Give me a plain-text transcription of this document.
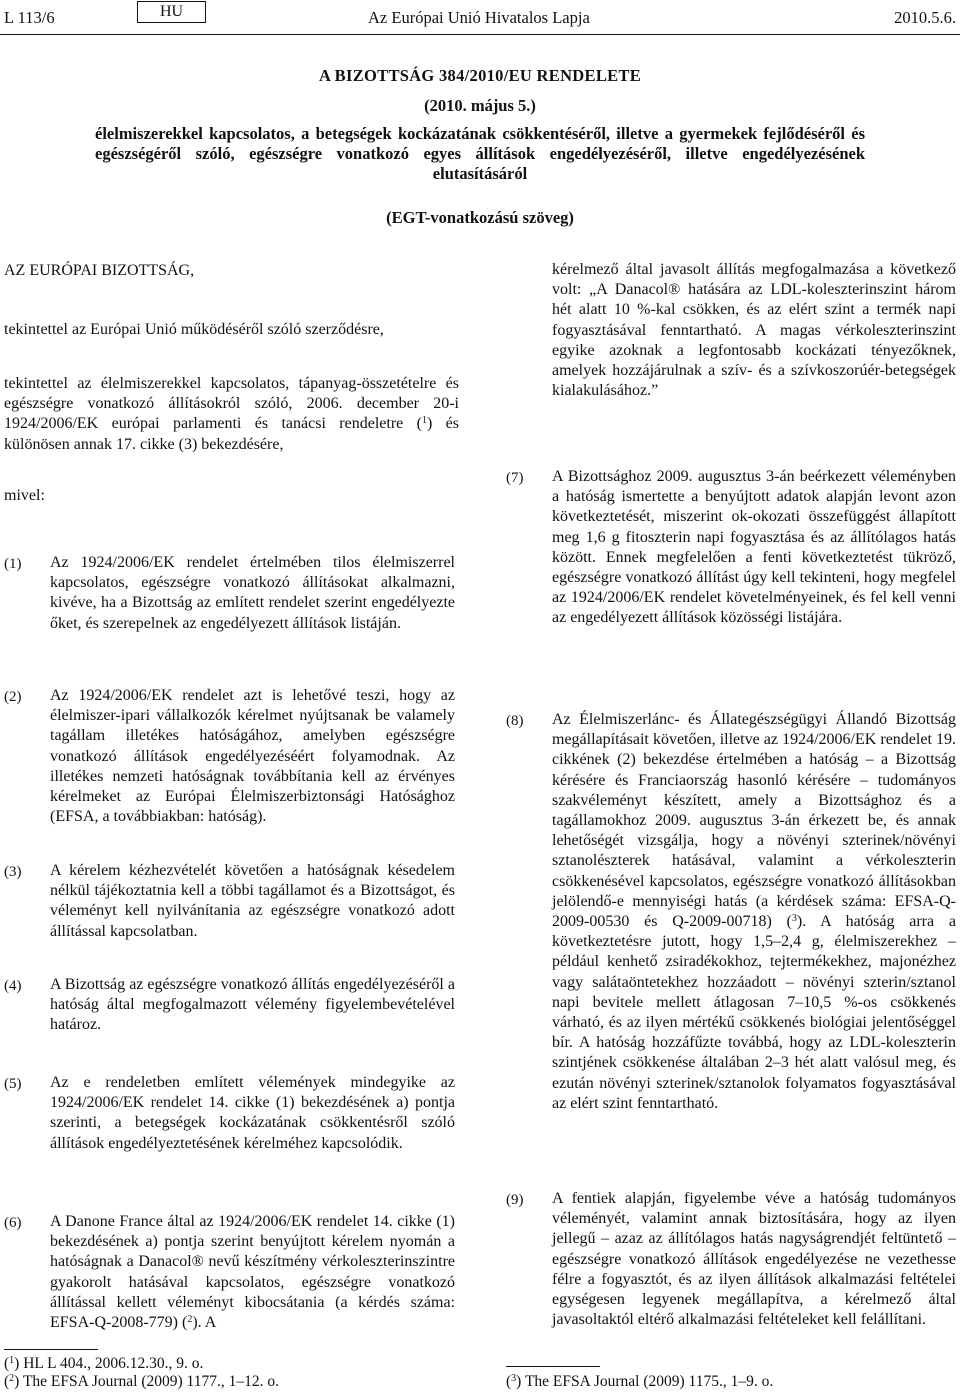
L 113/6	HU	Az Európai Unió Hivatalos Lapja	2010.5.6.
A BIZOTTSÁG 384/2010/EU RENDELETE
(2010. május 5.)
élelmiszerekkel kapcsolatos, a betegségek kockázatának csökkentéséről, illetve a gyermekek fejlődéséről és egészségéről szóló, egészségre vonatkozó egyes állítások engedélyezéséről, illetve engedélyezésének elutasításáról
(EGT-vonatkozású szöveg)
AZ EURÓPAI BIZOTTSÁG,
tekintettel az Európai Unió működéséről szóló szerződésre,
tekintettel az élelmiszerekkel kapcsolatos, tápanyag-összetételre és egészségre vonatkozó állításokról szóló, 2006. december 20-i 1924/2006/EK európai parlamenti és tanácsi rendeletre ($^1$) és különösen annak 17. cikke (3) bekezdésére,
mivel:
(1)	Az 1924/2006/EK rendelet értelmében tilos élelmiszerrel kapcsolatos, egészségre vonatkozó állításokat alkalmazni, kivéve, ha a Bizottság az említett rendelet szerint engedélyezte őket, és szerepelnek az engedélyezett állítások listáján.
kérelmező által javasolt állítás megfogalmazása a következő volt: „A Danacol® hatására az LDL-koleszterinszint három hét alatt 10 %-kal csökken, és az elért szint a termék napi fogyasztásával fenntartható. A magas vérkoleszterinszint egyike azoknak a legfontosabb kockázati tényezőknek, amelyek hozzájárulnak a szív- és a szívkoszorúér-betegségek kialakulásához.”
(7)	A Bizottsághoz 2009. augusztus 3-án beérkezett véleményben a hatóság ismertette a benyújtott adatok alapján levont azon következtetését, miszerint ok-okozati összefüggést állapított meg 1,6 g fitoszterin napi fogyasztása és az állítólagos hatás között. Ennek megfelelően a fenti következtetést tükröző, egészségre vonatkozó állítást úgy kell tekinteni, hogy megfelel az 1924/2006/EK rendelet követelményeinek, és fel kell venni az engedélyezett állítások közösségi listájára.
(2)	Az 1924/2006/EK rendelet azt is lehetővé teszi, hogy az élelmiszer-ipari vállalkozók kérelmet nyújtsanak be valamely tagállam illetékes hatóságához, amelyben egészségre vonatkozó állítások engedélyezéséért folyamodnak. Az illetékes nemzeti hatóságnak továbbítania kell az érvényes kérelmeket az Európai Élelmiszerbiztonsági Hatósághoz (EFSA, a továbbiakban: hatóság).
(3)	A kérelem kézhezvételét követően a hatóságnak késedelem nélkül tájékoztatnia kell a többi tagállamot és a Bizottságot, és véleményt kell nyilvánítania az egészségre vonatkozó adott állítással kapcsolatban.
(4)	A Bizottság az egészségre vonatkozó állítás engedélyezéséről a hatóság által megfogalmazott vélemény figyelembevételével határoz.
(5)	Az e rendeletben említett vélemények mindegyike az 1924/2006/EK rendelet 14. cikke (1) bekezdésének a) pontja szerinti, a betegségek kockázatának csökkentésről szóló állítások engedélyeztetésének kérelméhez kapcsolódik.
(6)	A Danone France által az 1924/2006/EK rendelet 14. cikke (1) bekezdésének a) pontja szerint benyújtott kérelem nyomán a hatóságnak a Danacol® nevű készítmény vérkoleszterinszintre gyakorolt hatásával kapcsolatos, egészségre vonatkozó állítással kellett véleményt kibocsátania (a kérdés száma: EFSA-Q-2008-779) ($^2$). A
(8)	Az Élelmiszerlánc- és Állategészségügyi Állandó Bizottság megállapításait követően, illetve az 1924/2006/EK rendelet 19. cikkének (2) bekezdése értelmében a hatóság – a Bizottság kérésére és Franciaország hasonló kérésére – tudományos szakvéleményt készített, amely a Bizottsághoz és a tagállamokhoz 2009. augusztus 3-án érkezett be, és annak lehetőségét vizsgálja, hogy a növényi szterinek/növényi sztanolészterek hatásával, valamint a vérkoleszterin csökkenésével kapcsolatos, egészségre vonatkozó állításokban jelölendő-e mennyiségi hatás (a kérdések száma: EFSA-Q-2009-00530 és Q-2009-00718) ($^3$). A hatóság arra a következtetésre jutott, hogy 1,5–2,4 g, élelmiszerekhez – például kenhető zsiradékokhoz, tejtermékekhez, majonézhez vagy salátaöntetekhez hozzáadott – növényi szterin/sztanol napi bevitele mellett átlagosan 7–10,5 %-os csökkenés várható, és az ilyen mértékű csökkenés biológiai jelentőséggel bír. A hatóság hozzáfűzte továbbá, hogy az LDL-koleszterin szintjének csökkenése általában 2–3 hét alatt valósul meg, és ezután növényi szterinek/sztanolok folyamatos fogyasztásával az elért szint fenntartható.
(9)	A fentiek alapján, figyelembe véve a hatóság tudományos véleményét, valamint annak biztosítására, hogy az ilyen jellegű – azaz az állítólagos hatás nagyságrendjét feltüntető – egészségre vonatkozó állítások engedélyezése ne vezethesse félre a fogyasztót, és az ilyen állítások alkalmazási feltételei egységesen legyenek megállapítva, a kérelmező által javasoltaktól eltérő alkalmazási feltételeket kell felállítani.
($^1$) HL L 404., 2006.12.30., 9. o.
($^2$) The EFSA Journal (2009) 1177., 1–12. o.	($^3$) The EFSA Journal (2009) 1175., 1–9. o.
